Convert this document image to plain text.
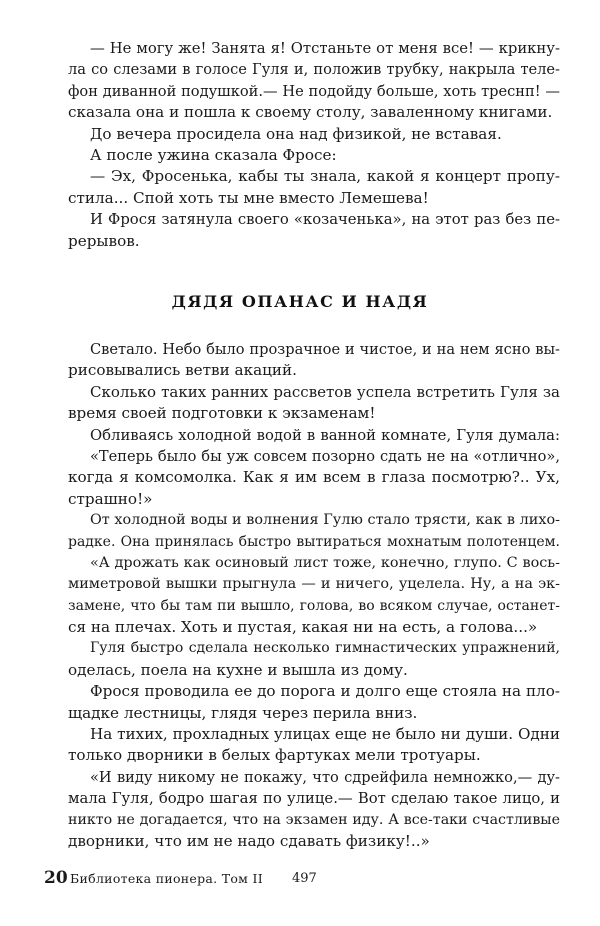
— Не могу же! Занята я! Отстаньте от меня все! — крикну-
ла со слезами в голосе Гуля и, положив трубку, накрыла теле-
фон диванной подушкой.— Не подойду больше, хоть треснп! —
сказала она и пошла к своему столу, заваленному книгами.
До вечера просидела она над физикой, не вставая.
А после ужина сказала Фросе:
— Эх, Фросенька, кабы ты знала, какой я концерт пропу-
стила... Спой хоть ты мне вместо Лемешева!
И Фрося затянула своего «козаченька», на этот раз без пе-
рерывов.
ДЯДЯ ОПАНАС И НАДЯ
Светало. Небо было прозрачное и чистое, и на нем ясно вы-
рисовывались ветви акаций.
Сколько таких ранних рассветов успела встретить Гуля за
время своей подготовки к экзаменам!
Обливаясь холодной водой в ванной комнате, Гуля думала:
«Теперь было бы уж совсем позорно сдать не на «отлично»,
когда я комсомолка. Как я им всем в глаза посмотрю?.. Ух,
страшно!»
От холодной воды и волнения Гулю стало трясти, как в лихо-
радке. Она принялась быстро вытираться мохнатым полотенцем.
«А дрожать как осиновый лист тоже, конечно, глупо. С вось-
миметровой вышки прыгнула — и ничего, уцелела. Ну, а на эк-
замене, что бы там пи вышло, голова, во всяком случае, останет-
ся на плечах. Хоть и пустая, какая ни на есть, а голова...»
Гуля быстро сделала несколько гимнастических упражнений,
оделась, поела на кухне и вышла из дому.
Фрося проводила ее до порога и долго еще стояла на пло-
щадке лестницы, глядя через перила вниз.
На тихих, прохладных улицах еще не было ни души. Одни
только дворники в белых фартуках мели тротуары.
«И виду никому не покажу, что сдрейфила немножко,— ду-
мала Гуля, бодро шагая по улице.— Вот сделаю такое лицо, и
никто не догадается, что на экзамен иду. А все-таки счастливые
дворники, что им не надо сдавать физику!..»
20 Библиотека пионера. Том II 497
